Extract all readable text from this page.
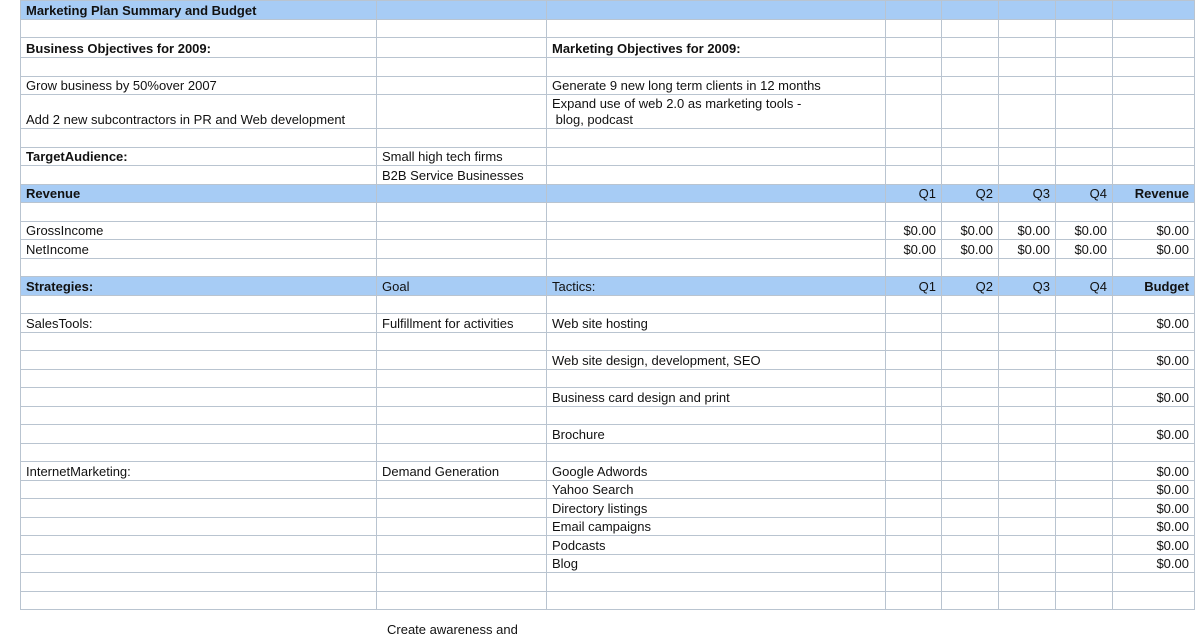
Marketing Plan Summary and Budget							

Business Objectives for 2009:		Marketing Objectives for 2009:					

Grow business by 50%over 2007		Generate 9 new long term clients in 12 months					
Add 2 new subcontractors in PR and Web development		Expand use of web 2.0 as marketing tools -
blog, podcast					

TargetAudience:	Small high tech firms						
	B2B Service Businesses						
Revenue			Q1	Q2	Q3	Q4	Revenue

GrossIncome			$0.00	$0.00	$0.00	$0.00	$0.00
NetIncome			$0.00	$0.00	$0.00	$0.00	$0.00

Strategies:	Goal	Tactics:	Q1	Q2	Q3	Q4	Budget

SalesTools:	Fulfillment for activities	Web site hosting					$0.00

		Web site design, development, SEO					$0.00

		Business card design and print					$0.00

		Brochure					$0.00

InternetMarketing:	Demand Generation	Google Adwords					$0.00
		Yahoo Search					$0.00
		Directory listings					$0.00
		Email campaigns					$0.00
		Podcasts					$0.00
		Blog					$0.00

Create awareness and
